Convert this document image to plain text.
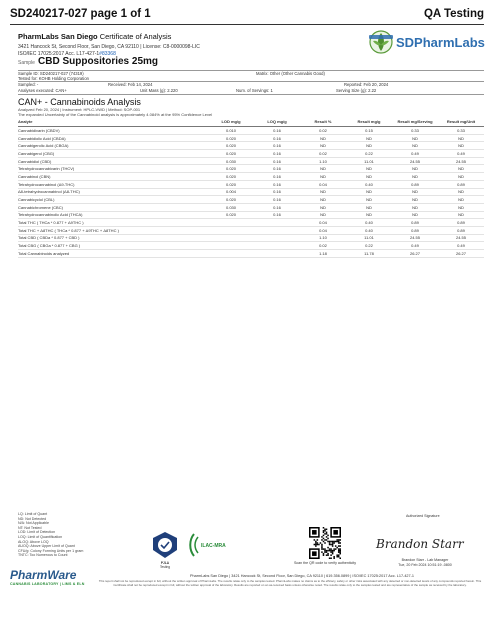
SD240217-027 page 1 of 1	QA Testing
PharmLabs San Diego Certificate of Analysis
3421 Hancock St, Second Floor, San Diego, CA 92110 | License: C8-0000098-LIC
ISO/IEC 17025:2017 Acc. L17-427-1#83368
SDPharmLabs
Sample CBD Suppositories 25mg
Sample ID: SD240217-027 (74319)	Matrix: Other (Other Cannabis Good)
Tested for: KOHB Holding Corporation
Sampled: -	Received: Feb 14, 2024	Reported: Feb 20, 2024
Analyses executed: CAN+	Unit Mass (g): 2.220	Num. of Servings: 1	Serving Size (g): 2.22
CAN+ - Cannabinoids Analysis
Analyzed Feb 20, 2024 | Instrument: HPLC-VWD | Method: SOP-001
The expanded Uncertainty of the Cannabinoid analysis is approximately 4.084% at the 95% Confidence Level
Analyte	LOD mg/g	LOQ mg/g	Result %	Result mg/g	Result mg/Serving	Result mg/Unit
Cannabidivarin (CBDV)	0.010	0.16	0.02	0.15	0.33	0.33
Cannabidiolic Acid (CBDA)	0.020	0.16	ND	ND	ND	ND
Cannabigerolic Acid (CBGA)	0.020	0.16	ND	ND	ND	ND
Cannabigerol (CBG)	0.020	0.16	0.02	0.22	0.49	0.49
Cannabidiol (CBD)	0.030	0.16	1.10	11.01	24.55	24.55
Tetrahydrocannabivarin (THCV)	0.020	0.16	ND	ND	ND	ND
Cannabinol (CBN)	0.020	0.16	ND	ND	ND	ND
Tetrahydrocannabinol (Δ9-THC)	0.020	0.16	0.04	0.40	0.89	0.89
Δ8-tetrahydrocannabinol (Δ8-THC)	0.004	0.16	ND	ND	ND	ND
Cannabicyclol (CBL)	0.020	0.16	ND	ND	ND	ND
Cannabichromene (CBC)	0.030	0.16	ND	ND	ND	ND
Tetrahydrocannabinolic Acid (THCA)	0.020	0.16	ND	ND	ND	ND
Total THC ( THCa * 0.877 + Δ9THC )			0.04	0.40	0.89	0.89
Total THC + Δ8THC ( THCa * 0.877 + Δ9THC + Δ8THC )			0.04	0.40	0.89	0.89
Total CBD ( CBDa * 0.877 + CBD )			1.10	11.01	24.55	24.55
Total CBG ( CBGa * 0.877 + CBG )			0.02	0.22	0.49	0.49
Total Cannabinoids analyzed			1.18	11.78	26.27	26.27
LQ: Limit of Quant
ND: Not Detected
N/A: Not Applicable
NT: Not Tested
LOD: Limit of Detection
LOQ: Limit of Quantification
ALOQ: Above LOQ
AUOQ: Above Upper Limit of Quant
CFU/g: Colony Forming Units per 1 gram
TNTC: Too Numerous to Count
PharmWare
CANNABIS LABORATORY | LIMS & ELN
PJLA
Testing
ILAC-MRA
Scan the QR code to verify authenticity
Authorized Signature
Brandon Starr
Brandon Starr - Lab Manager
Tue, 20 Feb 2024 10:51:19 -0800
PharmLabs San Diego | 3421 Hancock St, Second Floor, San Diego, CA 92110 | 619.356.0899 | ISO/IEC 17025:2017 Acc. L17-427-1
This report shall not be reproduced except in full, without the written approval of PharmLabs. The results relate only to the samples tested. PharmLabs makes no claims as to the efficacy, safety or other risks associated with any detected or non-detected levels of any compounds reported herein. This Certificate shall not be reproduced except in full, without the written approval of the laboratory. Results are reported on an as-received basis unless otherwise noted. The results relate only to the samples tested and are representative of the sample as received by the laboratory.
